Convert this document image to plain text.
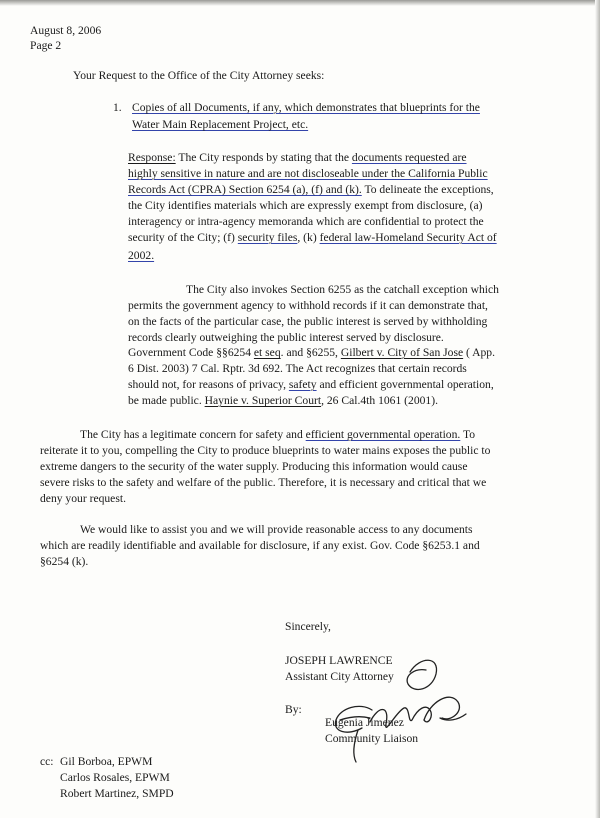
August 8, 2006
Page 2
Your Request to the Office of the City Attorney seeks:
1. Copies of all Documents, if any, which demonstrates that blueprints for the
Water Main Replacement Project, etc.
Response: The City responds by stating that the documents requested are
highly sensitive in nature and are not discloseable under the California Public
Records Act (CPRA) Section 6254 (a), (f) and (k). To delineate the exceptions,
the City identifies materials which are expressly exempt from disclosure, (a)
interagency or intra-agency memoranda which are confidential to protect the
security of the City; (f) security files, (k) federal law-Homeland Security Act of
2002.
The City also invokes Section 6255 as the catchall exception which
permits the government agency to withhold records if it can demonstrate that,
on the facts of the particular case, the public interest is served by withholding
records clearly outweighing the public interest served by disclosure.
Government Code §§6254 et seq. and §6255, Gilbert v. City of San Jose ( App.
6 Dist. 2003) 7 Cal. Rptr. 3d 692. The Act recognizes that certain records
should not, for reasons of privacy, safety and efficient governmental operation,
be made public. Haynie v. Superior Court, 26 Cal.4th 1061 (2001).
The City has a legitimate concern for safety and efficient governmental operation. To
reiterate it to you, compelling the City to produce blueprints to water mains exposes the public to
extreme dangers to the security of the water supply. Producing this information would cause
severe risks to the safety and welfare of the public. Therefore, it is necessary and critical that we
deny your request.
We would like to assist you and we will provide reasonable access to any documents
which are readily identifiable and available for disclosure, if any exist. Gov. Code §6253.1 and
§6254 (k).
Sincerely,
JOSEPH LAWRENCE
Assistant City Attorney
By:
Eugenia Jimenez
Community Liaison
cc: Gil Borboa, EPWM
Carlos Rosales, EPWM
Robert Martinez, SMPD
